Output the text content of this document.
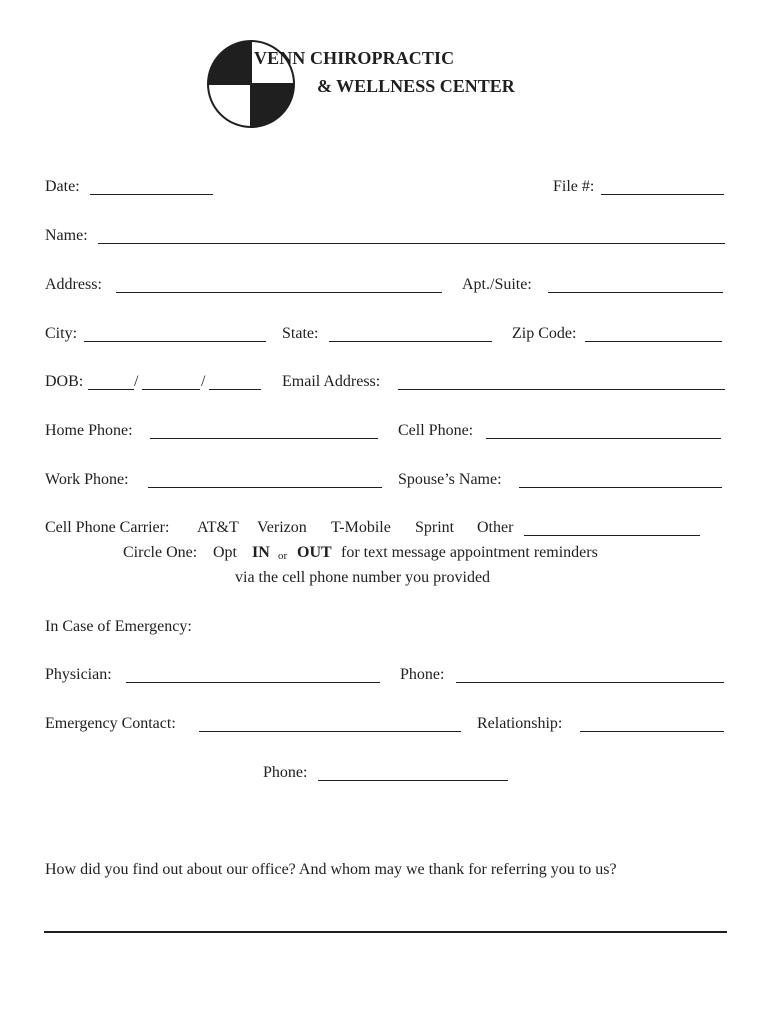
VENN CHIROPRACTIC
& WELLNESS CENTER
Date:	File #:
Name:
Address:	Apt./Suite:
City:	State:	Zip Code:
DOB:	/	/	Email Address:
Home Phone:	Cell Phone:
Work Phone:	Spouse’s Name:
Cell Phone Carrier: AT&T Verizon T-Mobile Sprint Other
Circle One: Opt IN or OUT for text message appointment reminders
via the cell phone number you provided
In Case of Emergency:
Physician:	Phone:
Emergency Contact:	Relationship:
Phone:
How did you find out about our office? And whom may we thank for referring you to us?
